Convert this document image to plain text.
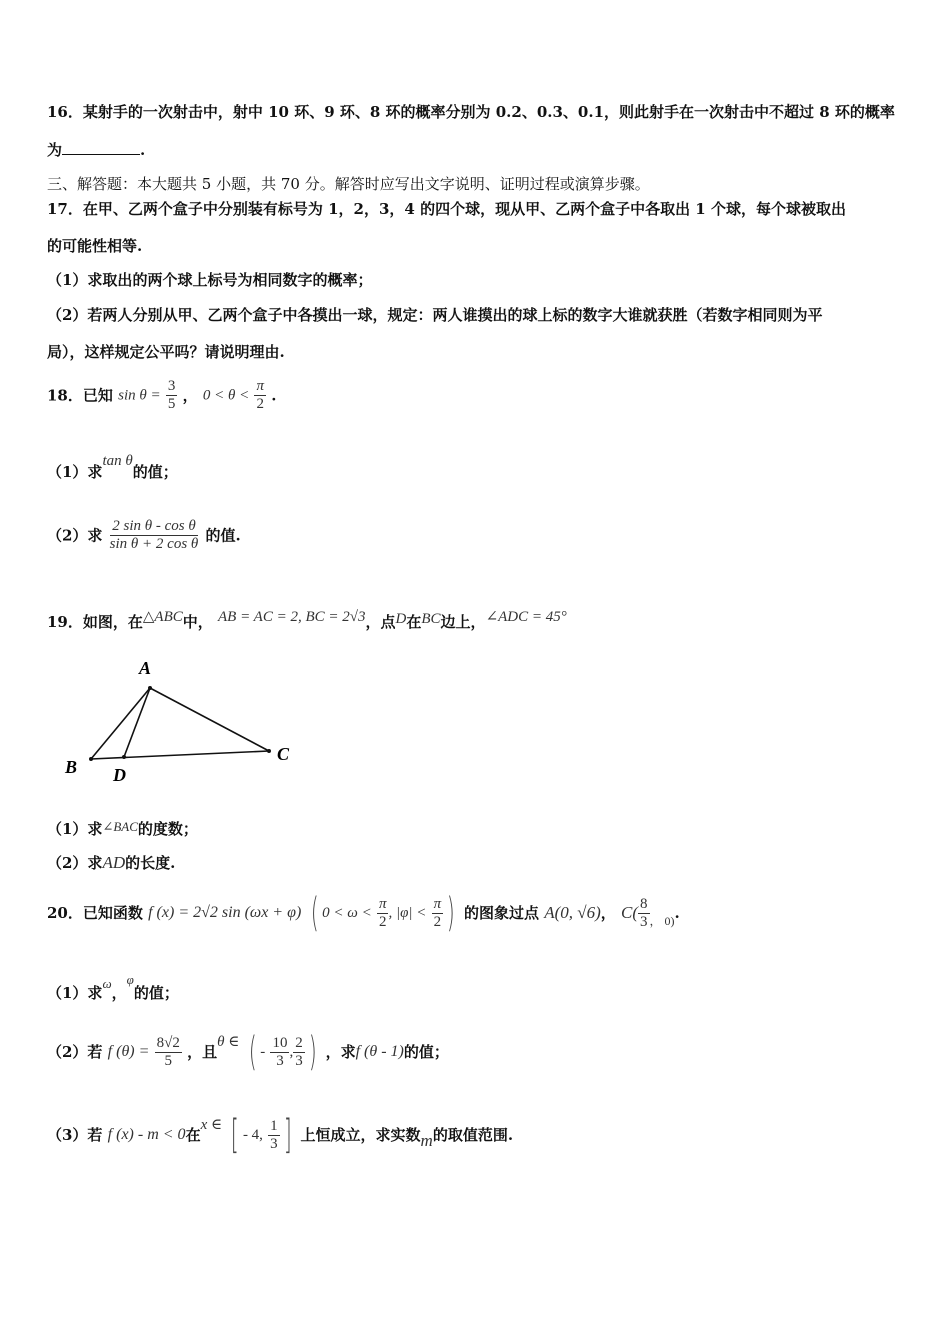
16．某射手的一次射击中，射中 10 环、9 环、8 环的概率分别为 0.2、0.3、0.1，则此射手在一次射击中不超过 8 环的概率
为	.
三、解答题：本大题共 5 小题，共 70 分。解答时应写出文字说明、证明过程或演算步骤。
17．在甲、乙两个盒子中分别装有标号为 1，2，3，4 的四个球，现从甲、乙两个盒子中各取出 1 个球，每个球被取出
的可能性相等.
（1）求取出的两个球上标号为相同数字的概率；
（2）若两人分别从甲、乙两个盒子中各摸出一球，规定：两人谁摸出的球上标的数字大谁就获胜（若数字相同则为平
局），这样规定公平吗？请说明理由.
18．已知 $\sin \theta = \frac{3}{5}$ ， $0 < \theta < \frac{\pi}{2}$ .
（1）求tan θ的值；
（2）求 $\frac{\text{2 sin θ - cos θ}}{\text{sin θ + 2 cos θ}}$ 的值.
19．如图，在△ABC中， AB = AC = 2, BC = 2√3，点D在BC边上，∠ADC = 45°
A
B
C
D
（1）求∠BAC的度数；
（2）求AD的长度.
20．已知函数 f (x) = 2√2 sin (ωx + φ) ( $0 < \omega < \frac{\pi}{2}$ , $|\varphi| < \frac{\pi}{2}$ ) 的图象过点 A(0, √6)， $C( \frac{8}{3} _{, 0)}$.
（1）求ω，φ的值；
（2）若 f $(\theta) = \frac{8√2}{5}$ ，且θ ∈ ( - $\frac{10}{3}$ , $\frac{2}{3}$ ) ，求f (θ - 1)的值；
（3）若 f (x) - m < 0在x ∈ [ - 4, $\frac{1}{3}$ ] 上恒成立，求实数m的取值范围.
